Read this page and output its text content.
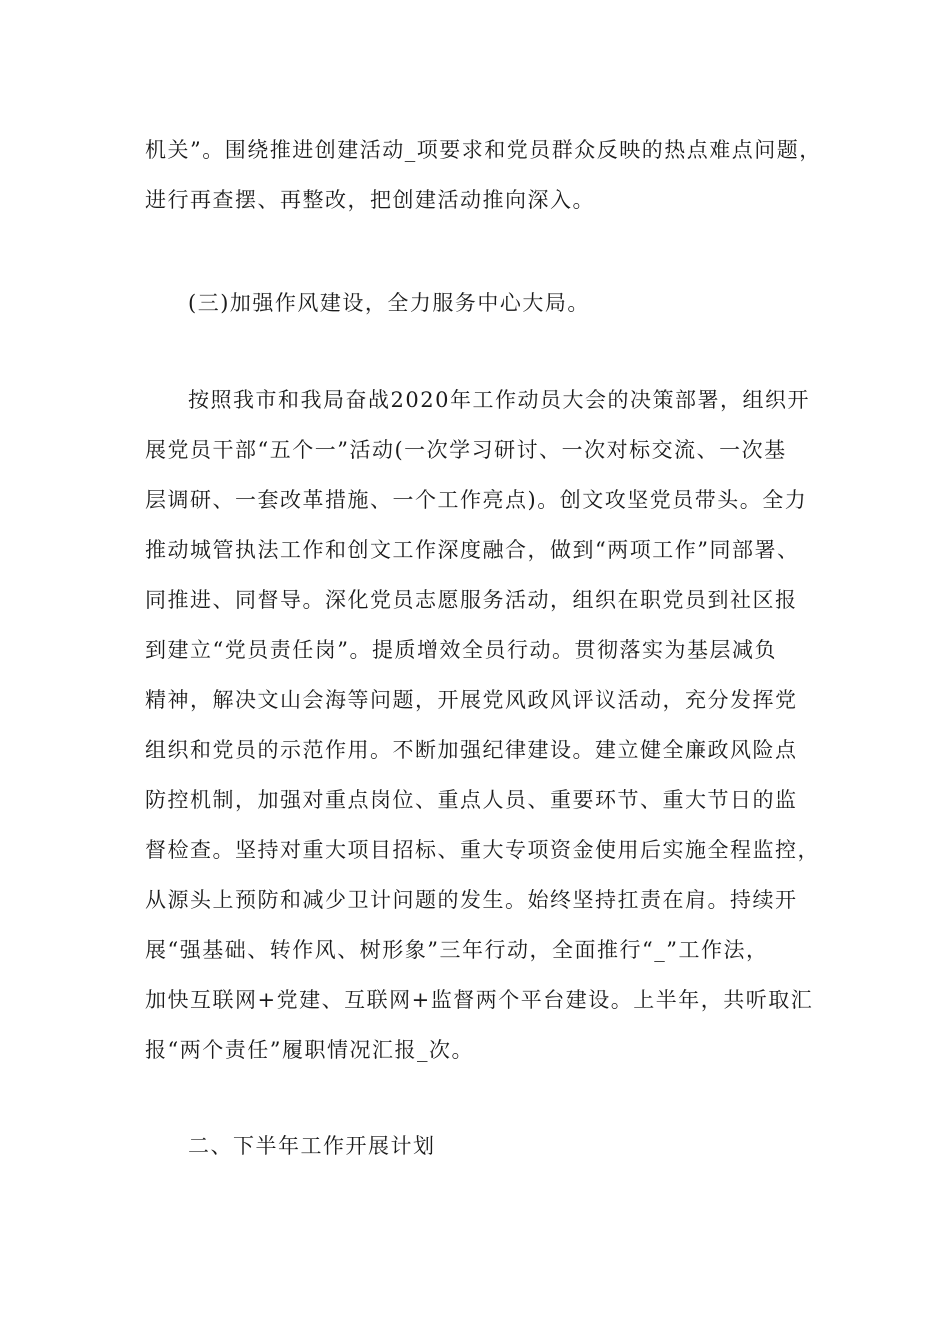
机关”。围绕推进创建活动_项要求和党员群众反映的热点难点问题，
进行再查摆、再整改，把创建活动推向深入。
(三)加强作风建设，全力服务中心大局。
按照我市和我局奋战2020年工作动员大会的决策部署，组织开
展党员干部“五个一”活动(一次学习研讨、一次对标交流、一次基
层调研、一套改革措施、一个工作亮点)。创文攻坚党员带头。全力
推动城管执法工作和创文工作深度融合，做到“两项工作”同部署、
同推进、同督导。深化党员志愿服务活动，组织在职党员到社区报
到建立“党员责任岗”。提质增效全员行动。贯彻落实为基层减负
精神，解决文山会海等问题，开展党风政风评议活动，充分发挥党
组织和党员的示范作用。不断加强纪律建设。建立健全廉政风险点
防控机制，加强对重点岗位、重点人员、重要环节、重大节日的监
督检查。坚持对重大项目招标、重大专项资金使用后实施全程监控，
从源头上预防和减少卫计问题的发生。始终坚持扛责在肩。持续开
展“强基础、转作风、树形象”三年行动，全面推行“_”工作法，
加快互联网+党建、互联网+监督两个平台建设。上半年，共听取汇
报“两个责任”履职情况汇报_次。
二、下半年工作开展计划
